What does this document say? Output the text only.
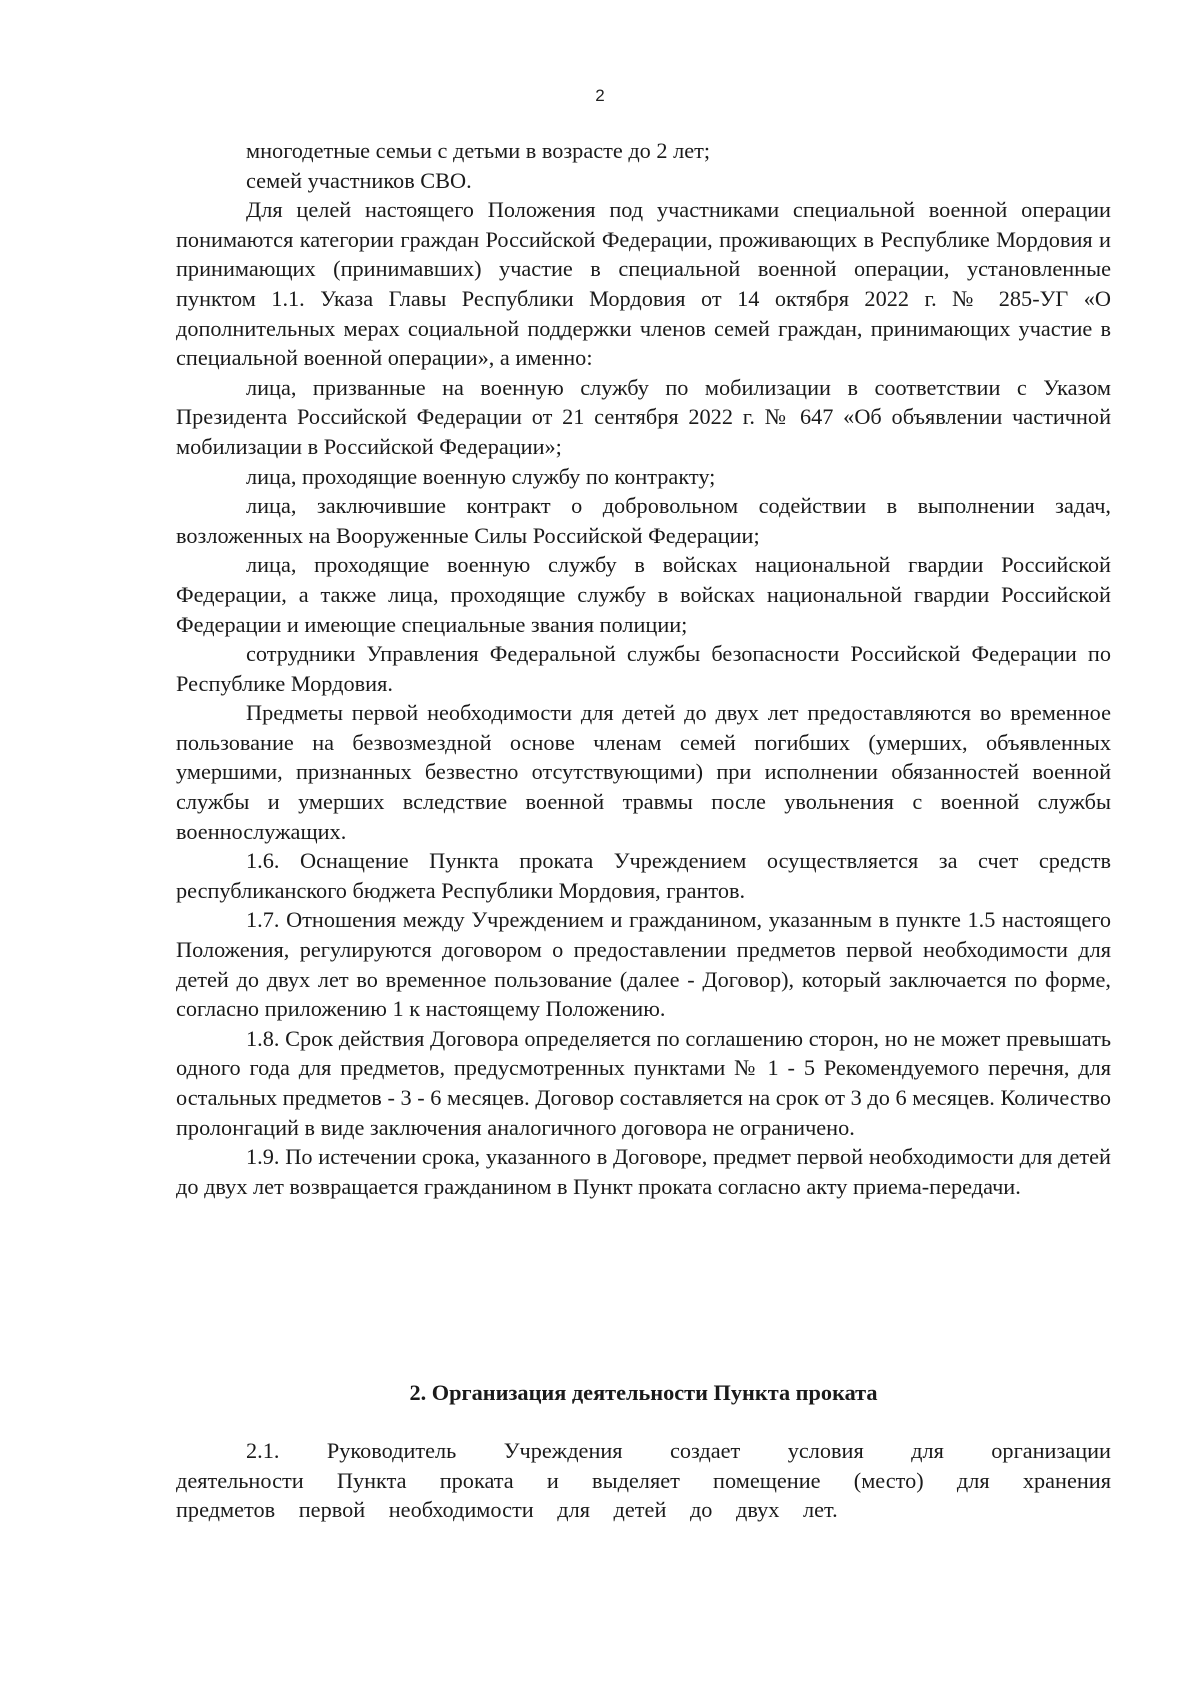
2

многодетные семьи с детьми в возрасте до 2 лет;

семей участников СВО.

Для целей настоящего Положения под участниками специальной военной операции понимаются категории граждан Российской Федерации, проживающих в Республике Мордовия и принимающих (принимавших) участие в специальной военной операции, установленные пунктом 1.1. Указа Главы Республики Мордовия от 14 октября 2022 г. № 285-УГ «О дополнительных мерах социальной поддержки членов семей граждан, принимающих участие в специальной военной операции», а именно:

лица, призванные на военную службу по мобилизации в соответствии с Указом Президента Российской Федерации от 21 сентября 2022 г. № 647 «Об объявлении частичной мобилизации в Российской Федерации»;

лица, проходящие военную службу по контракту;

лица, заключившие контракт о добровольном содействии в выполнении задач, возложенных на Вооруженные Силы Российской Федерации;

лица, проходящие военную службу в войсках национальной гвардии Российской Федерации, а также лица, проходящие службу в войсках национальной гвардии Российской Федерации и имеющие специальные звания полиции;

сотрудники Управления Федеральной службы безопасности Российской Федерации по Республике Мордовия.

Предметы первой необходимости для детей до двух лет предоставляются во временное пользование на безвозмездной основе членам семей погибших (умерших, объявленных умершими, признанных безвестно отсутствующими) при исполнении обязанностей военной службы и умерших вследствие военной травмы после увольнения с военной службы военнослужащих.

1.6. Оснащение Пункта проката Учреждением осуществляется за счет средств республиканского бюджета Республики Мордовия, грантов.

1.7. Отношения между Учреждением и гражданином, указанным в пункте 1.5 настоящего Положения, регулируются договором о предоставлении предметов первой необходимости для детей до двух лет во временное пользование (далее - Договор), который заключается по форме, согласно приложению 1 к настоящему Положению.

1.8. Срок действия Договора определяется по соглашению сторон, но не может превышать одного года для предметов, предусмотренных пунктами № 1 - 5 Рекомендуемого перечня, для остальных предметов - 3 - 6 месяцев. Договор составляется на срок от 3 до 6 месяцев. Количество пролонгаций в виде заключения аналогичного договора не ограничено.

1.9. По истечении срока, указанного в Договоре, предмет первой необходимости для детей до двух лет возвращается гражданином в Пункт проката согласно акту приема-передачи.

2. Организация деятельности Пункта проката

2.1. Руководитель Учреждения создает условия для организации деятельности Пункта проката и выделяет помещение (место) для хранения предметов первой необходимости для детей до двух лет.
